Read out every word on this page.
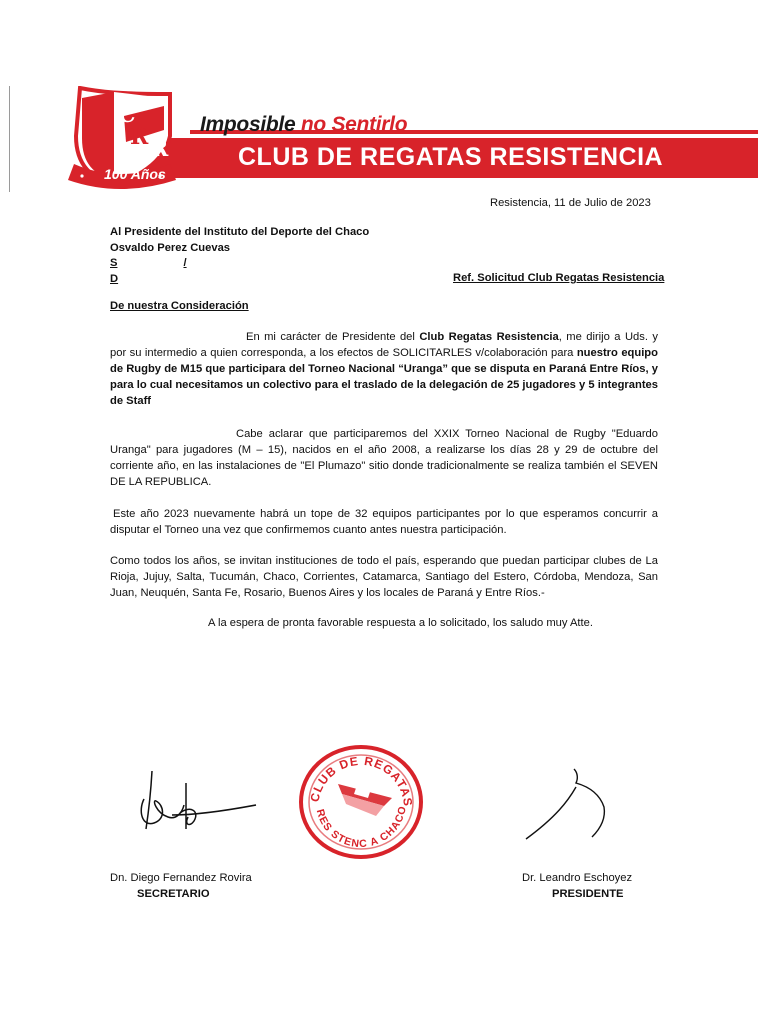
C
R R
100 Años
Imposible no Sentirlo
CLUB DE REGATAS RESISTENCIA
Resistencia, 11 de Julio de 2023
Al Presidente del Instituto del Deporte del Chaco
Osvaldo Perez Cuevas
S	/D	Ref. Solicitud Club Regatas Resistencia
De nuestra Consideración
En mi carácter de Presidente del Club Regatas Resistencia, me dirijo a Uds. y por su intermedio a quien corresponda, a los efectos de SOLICITARLES v/colaboración para nuestro equipo de Rugby de M15 que participara del Torneo Nacional “Uranga” que se disputa en Paraná Entre Ríos, y para lo cual necesitamos un colectivo para el traslado de la delegación de 25 jugadores y 5 integrantes de Staff
Cabe aclarar que participaremos del XXIX Torneo Nacional de Rugby "Eduardo Uranga" para jugadores (M – 15), nacidos en el año 2008, a realizarse los días 28 y 29 de octubre del corriente año, en las instalaciones de "El Plumazo" sitio donde tradicionalmente se realiza también el SEVEN DE LA REPUBLICA.
Este año 2023 nuevamente habrá un tope de 32 equipos participantes por lo que esperamos concurrir a disputar el Torneo una vez que confirmemos cuanto antes nuestra participación.
Como todos los años, se invitan instituciones de todo el país, esperando que puedan participar clubes de La Rioja, Jujuy, Salta, Tucumán, Chaco, Corrientes, Catamarca, Santiago del Estero, Córdoba, Mendoza, San Juan, Neuquén, Santa Fe, Rosario, Buenos Aires y los locales de Paraná y Entre Ríos.-
A la espera de pronta favorable respuesta a lo solicitado, los saludo muy Atte.
CLUB DE REGATAS
RES STENC A CHACO
Dn. Diego Fernandez Rovira
SECRETARIO
Dr. Leandro Eschoyez
PRESIDENTE
